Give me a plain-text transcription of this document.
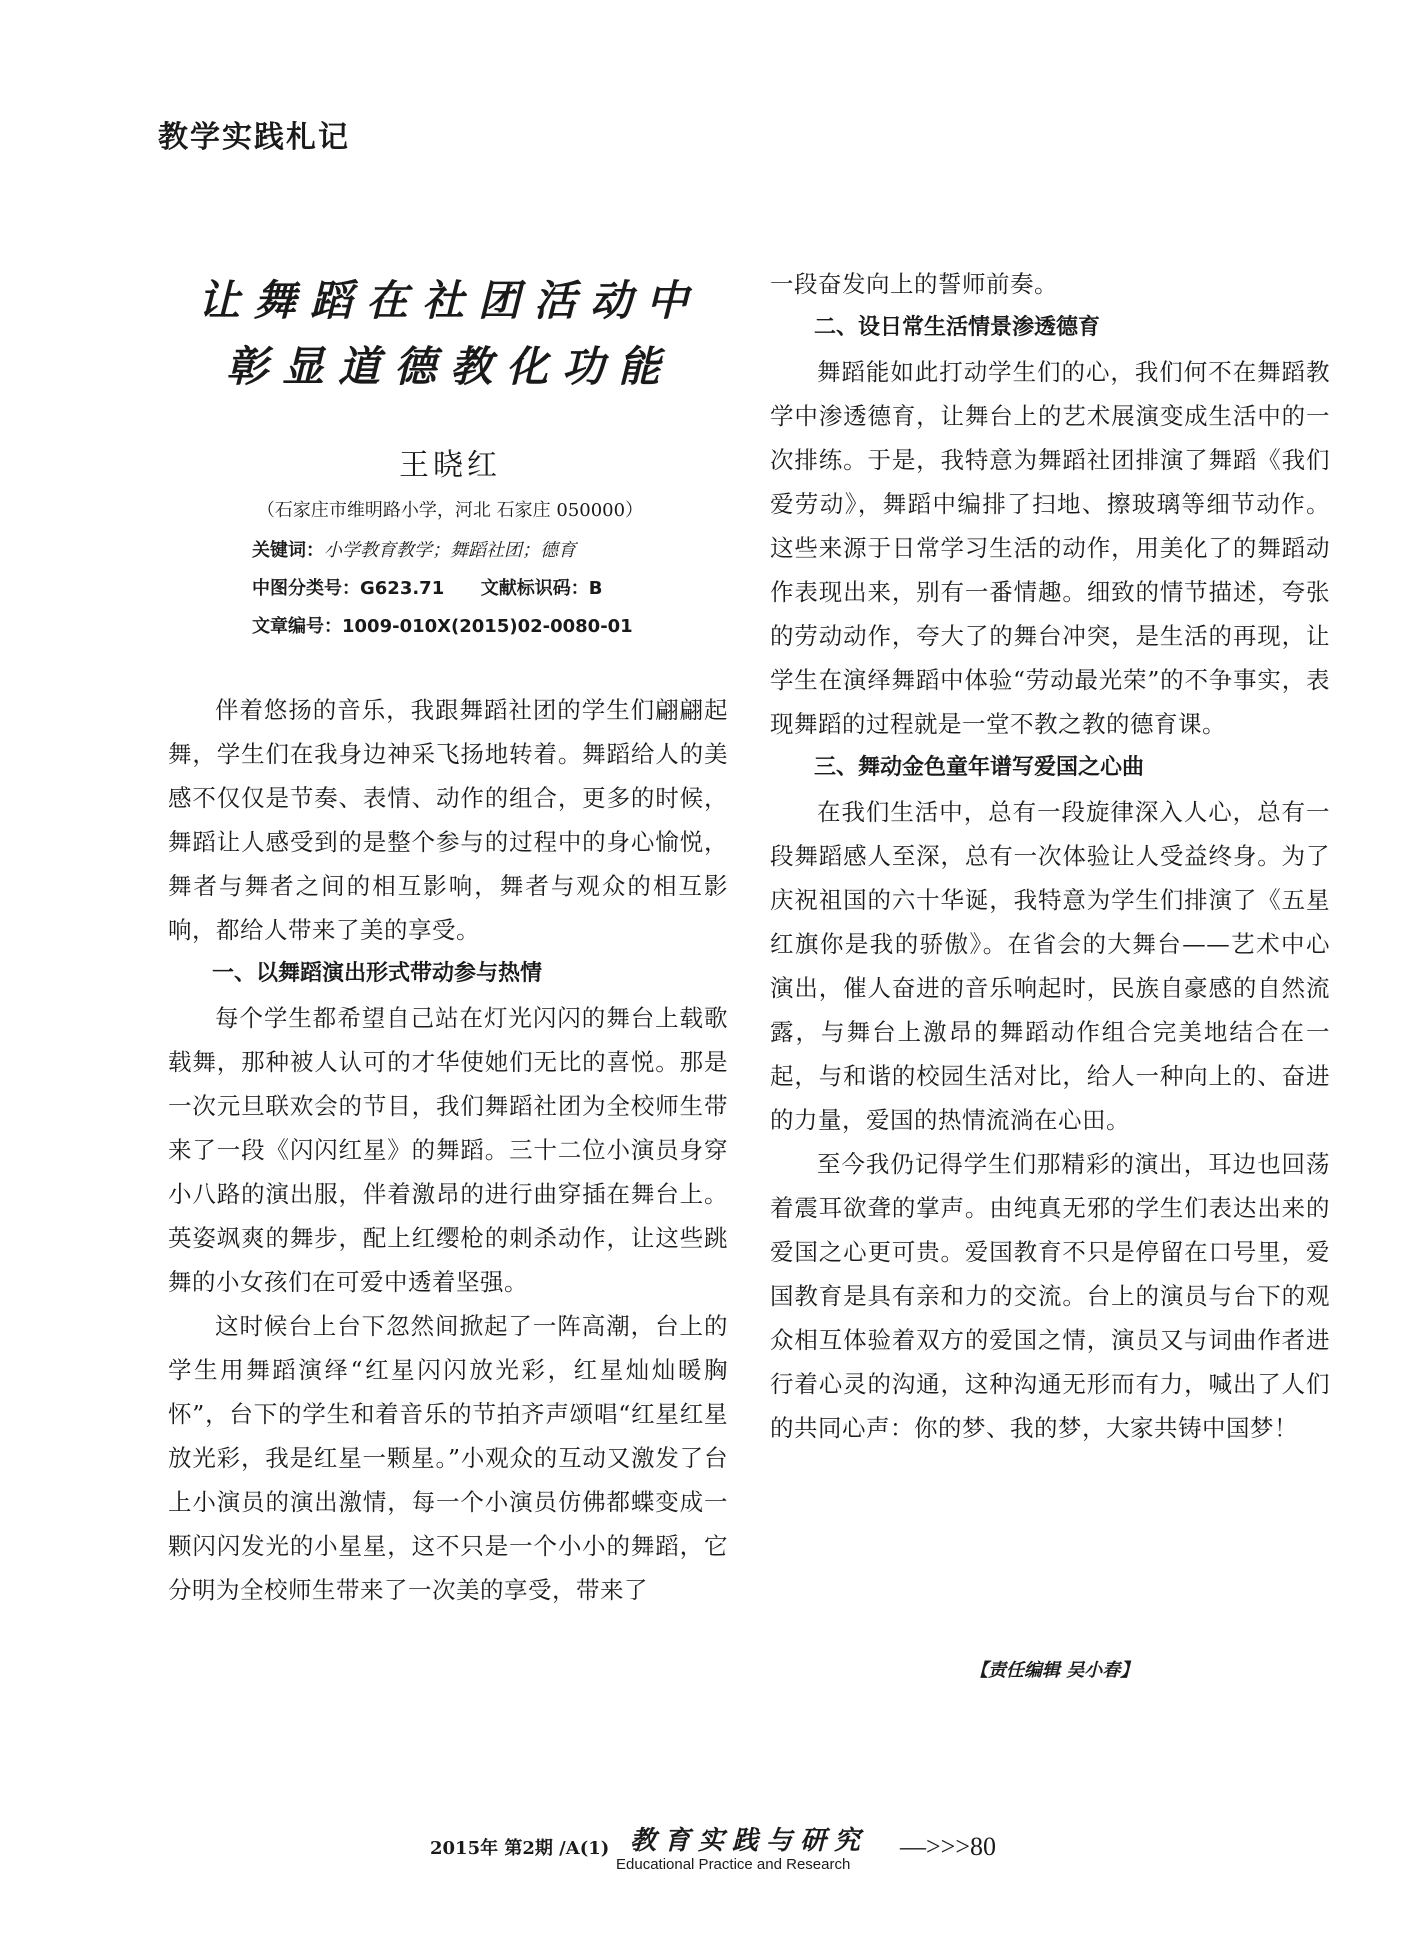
教学实践札记

让舞蹈在社团活动中

彰显道德教化功能

王晓红
（石家庄市维明路小学，河北 石家庄 050000）
关键词：小学教育教学；舞蹈社团；德育
中图分类号：G623.71 文献标识码：B
文章编号：1009-010X(2015)02-0080-01

伴着悠扬的音乐，我跟舞蹈社团的学生们翩翩起舞，学生们在我身边神采飞扬地转着。舞蹈给人的美感不仅仅是节奏、表情、动作的组合，更多的时候，舞蹈让人感受到的是整个参与的过程中的身心愉悦，舞者与舞者之间的相互影响，舞者与观众的相互影响，都给人带来了美的享受。

一、以舞蹈演出形式带动参与热情

每个学生都希望自己站在灯光闪闪的舞台上载歌载舞，那种被人认可的才华使她们无比的喜悦。那是一次元旦联欢会的节目，我们舞蹈社团为全校师生带来了一段《闪闪红星》的舞蹈。三十二位小演员身穿小八路的演出服，伴着激昂的进行曲穿插在舞台上。英姿飒爽的舞步，配上红缨枪的刺杀动作，让这些跳舞的小女孩们在可爱中透着坚强。

这时候台上台下忽然间掀起了一阵高潮，台上的学生用舞蹈演绎“红星闪闪放光彩，红星灿灿暖胸怀”，台下的学生和着音乐的节拍齐声颂唱“红星红星放光彩，我是红星一颗星。”小观众的互动又激发了台上小演员的演出激情，每一个小演员仿佛都蝶变成一颗闪闪发光的小星星，这不只是一个小小的舞蹈，它分明为全校师生带来了一次美的享受，带来了

一段奋发向上的誓师前奏。

二、设日常生活情景渗透德育

舞蹈能如此打动学生们的心，我们何不在舞蹈教学中渗透德育，让舞台上的艺术展演变成生活中的一次排练。于是，我特意为舞蹈社团排演了舞蹈《我们爱劳动》，舞蹈中编排了扫地、擦玻璃等细节动作。这些来源于日常学习生活的动作，用美化了的舞蹈动作表现出来，别有一番情趣。细致的情节描述，夸张的劳动动作，夸大了的舞台冲突，是生活的再现，让学生在演绎舞蹈中体验“劳动最光荣”的不争事实，表现舞蹈的过程就是一堂不教之教的德育课。

三、舞动金色童年谱写爱国之心曲

在我们生活中，总有一段旋律深入人心，总有一段舞蹈感人至深，总有一次体验让人受益终身。为了庆祝祖国的六十华诞，我特意为学生们排演了《五星红旗你是我的骄傲》。在省会的大舞台——艺术中心演出，催人奋进的音乐响起时，民族自豪感的自然流露，与舞台上激昂的舞蹈动作组合完美地结合在一起，与和谐的校园生活对比，给人一种向上的、奋进的力量，爱国的热情流淌在心田。

至今我仍记得学生们那精彩的演出，耳边也回荡着震耳欲聋的掌声。由纯真无邪的学生们表达出来的爱国之心更可贵。爱国教育不只是停留在口号里，爱国教育是具有亲和力的交流。台上的演员与台下的观众相互体验着双方的爱国之情，演员又与词曲作者进行着心灵的沟通，这种沟通无形而有力，喊出了人们的共同心声：你的梦、我的梦，大家共铸中国梦！

【责任编辑 吴小春】
2015年 第2期 /A(1) 教育实践与研究
Educational Practice and Research
—>>>80
